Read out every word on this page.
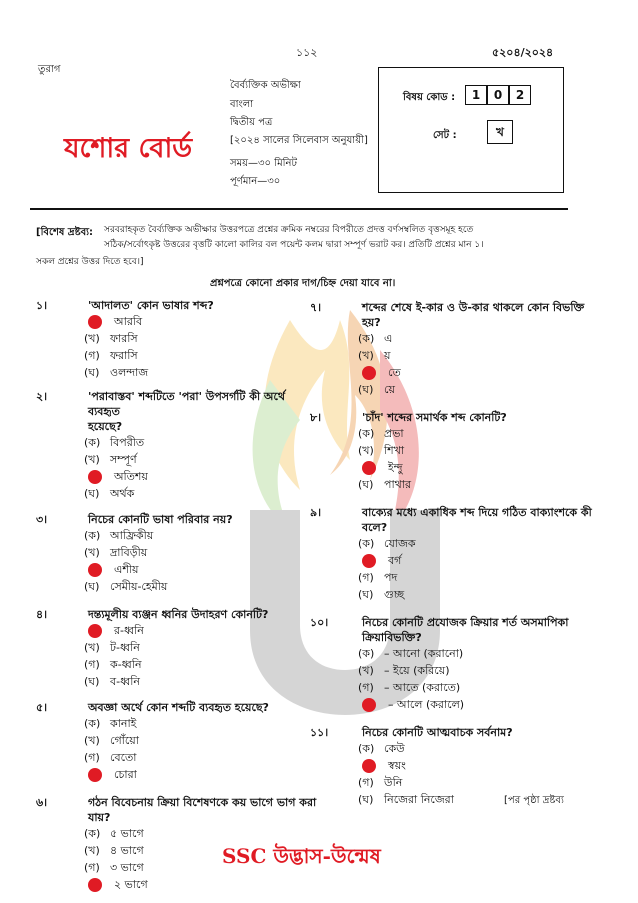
১১২	৫২০৪/২০২৪
তুরাগ
যশোর বোর্ড
বৈর্ব্যক্তিক অভীক্ষা
বাংলা
দ্বিতীয় পত্র
[২০২৪ সালের সিলেবাস অনুযায়ী]
সময়—৩০ মিনিট
পূর্ণমান—৩০
বিষয় কোড :	1 0 2
সেট :	খ
[বিশেষ দ্রষ্টব্য: সরবরাহকৃত বৈর্ব্যক্তিক অভীক্ষার উত্তরপত্রে প্রশ্নের ক্রমিক নম্বরের বিপরীতে প্রদত্ত বর্ণসম্বলিত বৃত্তসমূহ হতে
সঠিক/সর্বোৎকৃষ্ট উত্তরের বৃত্তটি কালো কালির বল পয়েন্ট কলম দ্বারা সম্পূর্ণ ভরাট কর। প্রতিটি প্রশ্নের মান ১।
সকল প্রশ্নের উত্তর দিতে হবে।]
প্রশ্নপত্রে কোনো প্রকার দাগ/চিহ্ন দেয়া যাবে না।
১।	'আদালত' কোন ভাষার শব্দ?
আরবি
(খ) ফারসি
(গ) ফরাসি
(ঘ) ওলন্দাজ
২।	'পরাবাস্তব' শব্দটিতে 'পরা' উপসর্গটি কী অর্থে ব্যবহৃত
হয়েছে?
(ক) বিপরীত
(খ) সম্পূর্ণ
অতিশয়
(ঘ) অর্থক
৩।	নিচের কোনটি ভাষা পরিবার নয়?
(ক) আফ্রিকীয়
(খ) দ্রাবিড়ীয়
এশীয়
(ঘ) সেমীয়-হেমীয়
৪।	দন্ত্যমূলীয় ব্যঞ্জন ধ্বনির উদাহরণ কোনটি?
র-ধ্বনি
(খ) ট-ধ্বনি
(গ) ক-ধ্বনি
(ঘ) ব-ধ্বনি
৫।	অবজ্ঞা অর্থে কোন শব্দটি ব্যবহৃত হয়েছে?
(ক) কানাই
(খ) গোঁয়ো
(গ) বেতো
চোরা
৬।	গঠন বিবেচনায় ক্রিয়া বিশেষণকে কয় ভাগে ভাগ করা
যায়?
(ক) ৫ ভাগে
(খ) ৪ ভাগে
(গ) ৩ ভাগে
২ ভাগে
৭।	শব্দের শেষে ই-কার ও উ-কার থাকলে কোন বিভক্তি
হয়?
(ক) এ
(খ) য়
তে
(ঘ) য়ে
৮।	'চাঁদ' শব্দের সমার্থক শব্দ কোনটি?
(ক) প্রভা
(খ) শিখা
ইন্দু
(ঘ) পাথার
৯।	বাক্যের মধ্যে একাধিক শব্দ দিয়ে গঠিত বাক্যাংশকে কী
বলে?
(ক) যোজক
বর্গ
(গ) পদ
(ঘ) গুচ্ছ
১০।	নিচের কোনটি প্রযোজক ক্রিয়ার শর্ত অসমাপিকা
ক্রিয়াবিভক্তি?
(ক) – আনো (করানো)
(খ) – ইয়ে (করিয়ে)
(গ) – আতে (করাতে)
– আলে (করালে)
১১।	নিচের কোনটি আত্মবাচক সর্বনাম?
(ক) কেউ
স্বয়ং
(গ) উনি
(ঘ) নিজেরা নিজেরা	[পর পৃষ্ঠা দ্রষ্টব্য
SSC উদ্ভাস-উন্মেষ
